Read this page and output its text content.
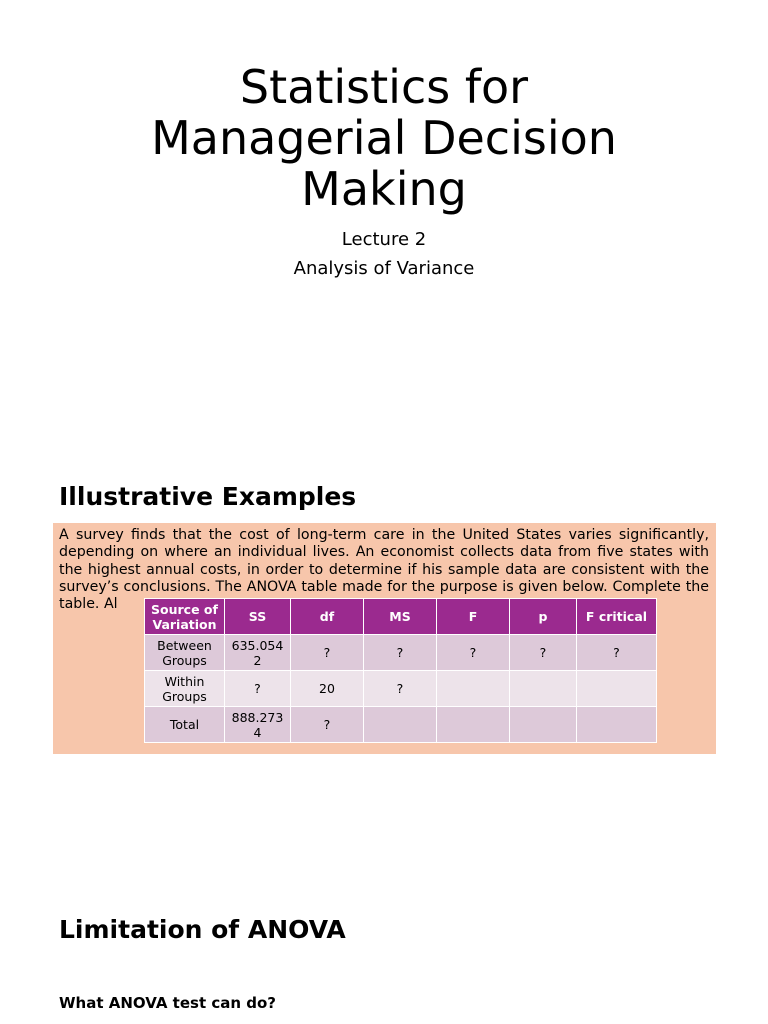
Statistics for
Managerial Decision
Making
Lecture 2
Analysis of Variance
Illustrative Examples

A survey finds that the cost of long-term care in the United States varies significantly, depending on where an individual lives. An economist collects data from five states with the highest annual costs, in order to determine if his sample data are consistent with the survey’s conclusions. The ANOVA table made for the purpose is given below. Complete the table. Al	Source of Variation	SS	df	MS	F	p	F critical
Between Groups	635.054 2	?	?	?	?	?
Within Groups	?	20	?			
Total	888.273 4	?				
Limitation of ANOVA
What ANOVA test can do?
